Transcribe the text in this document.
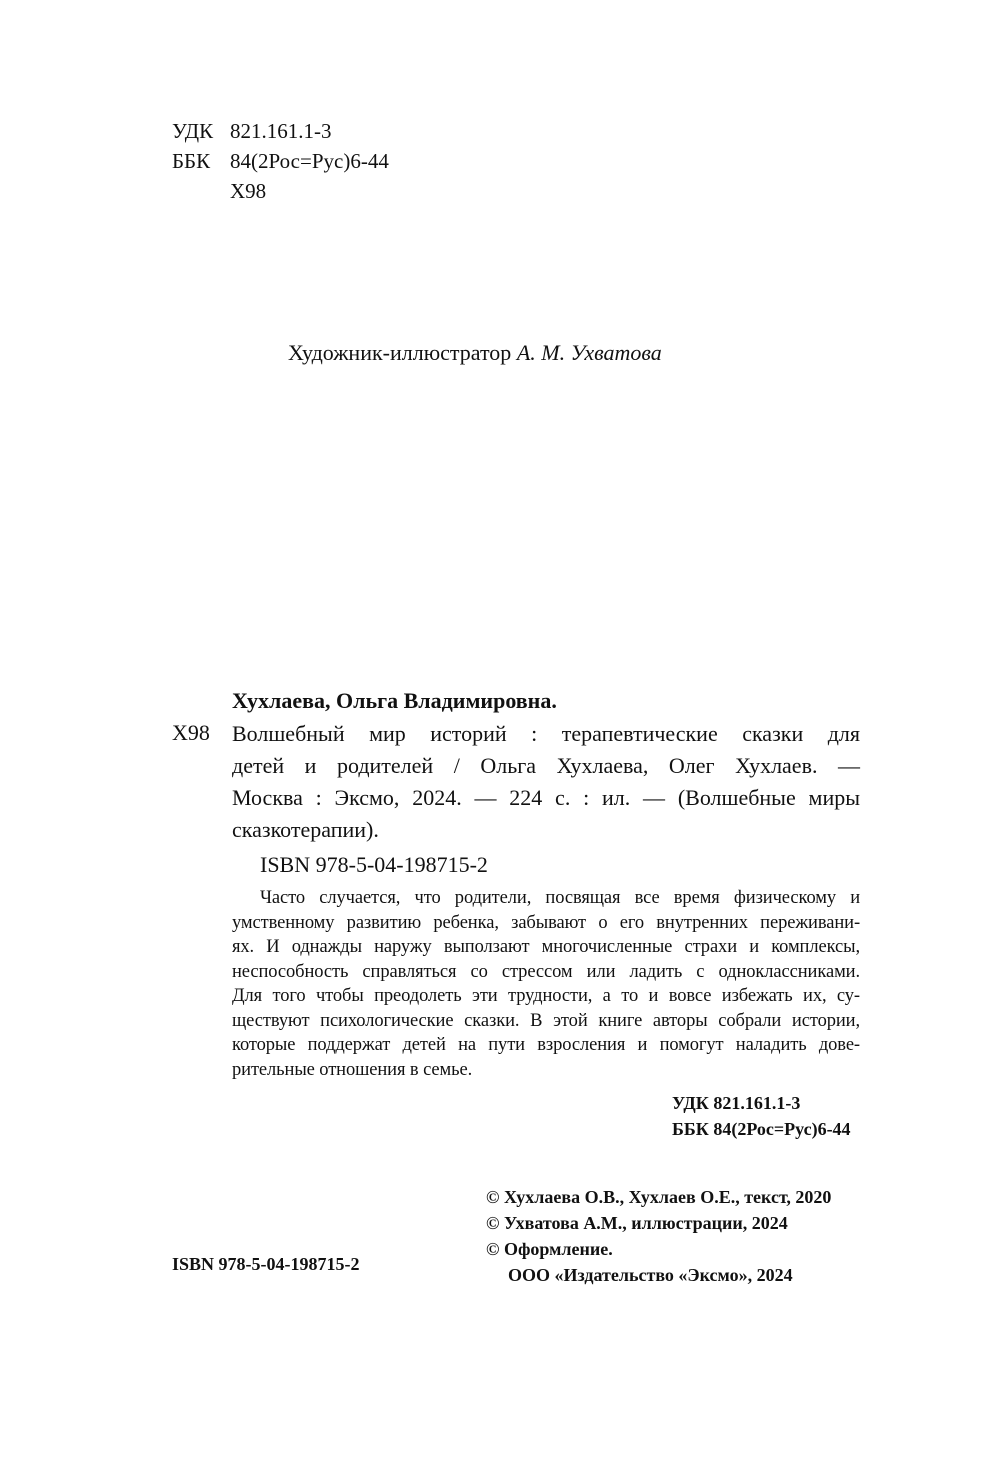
УДК 821.161.1-3
ББК 84(2Рос=Рус)6-44
Х98
Художник-иллюстратор А. М. Ухватова
Хухлаева, Ольга Владимировна.
Х98 Волшебный мир историй : терапевтические сказки для
детей и родителей / Ольга Хухлаева, Олег Хухлаев. —
Москва : Эксмо, 2024. — 224 с. : ил. — (Волшебные миры
сказкотерапии).
ISBN 978-5-04-198715-2
Часто случается, что родители, посвящая все время физическому и
умственному развитию ребенка, забывают о его внутренних переживани-
ях. И однажды наружу выползают многочисленные страхи и комплексы,
неспособность справляться со стрессом или ладить с одноклассниками.
Для того чтобы преодолеть эти трудности, а то и вовсе избежать их, су-
ществуют психологические сказки. В этой книге авторы собрали истории,
которые поддержат детей на пути взросления и помогут наладить дове-
рительные отношения в семье.
УДК 821.161.1-3
ББК 84(2Рос=Рус)6-44
© Хухлаева О.В., Хухлаев О.Е., текст, 2020
© Ухватова А.М., иллюстрации, 2024
© Оформление.
ООО «Издательство «Эксмо», 2024
ISBN 978-5-04-198715-2
